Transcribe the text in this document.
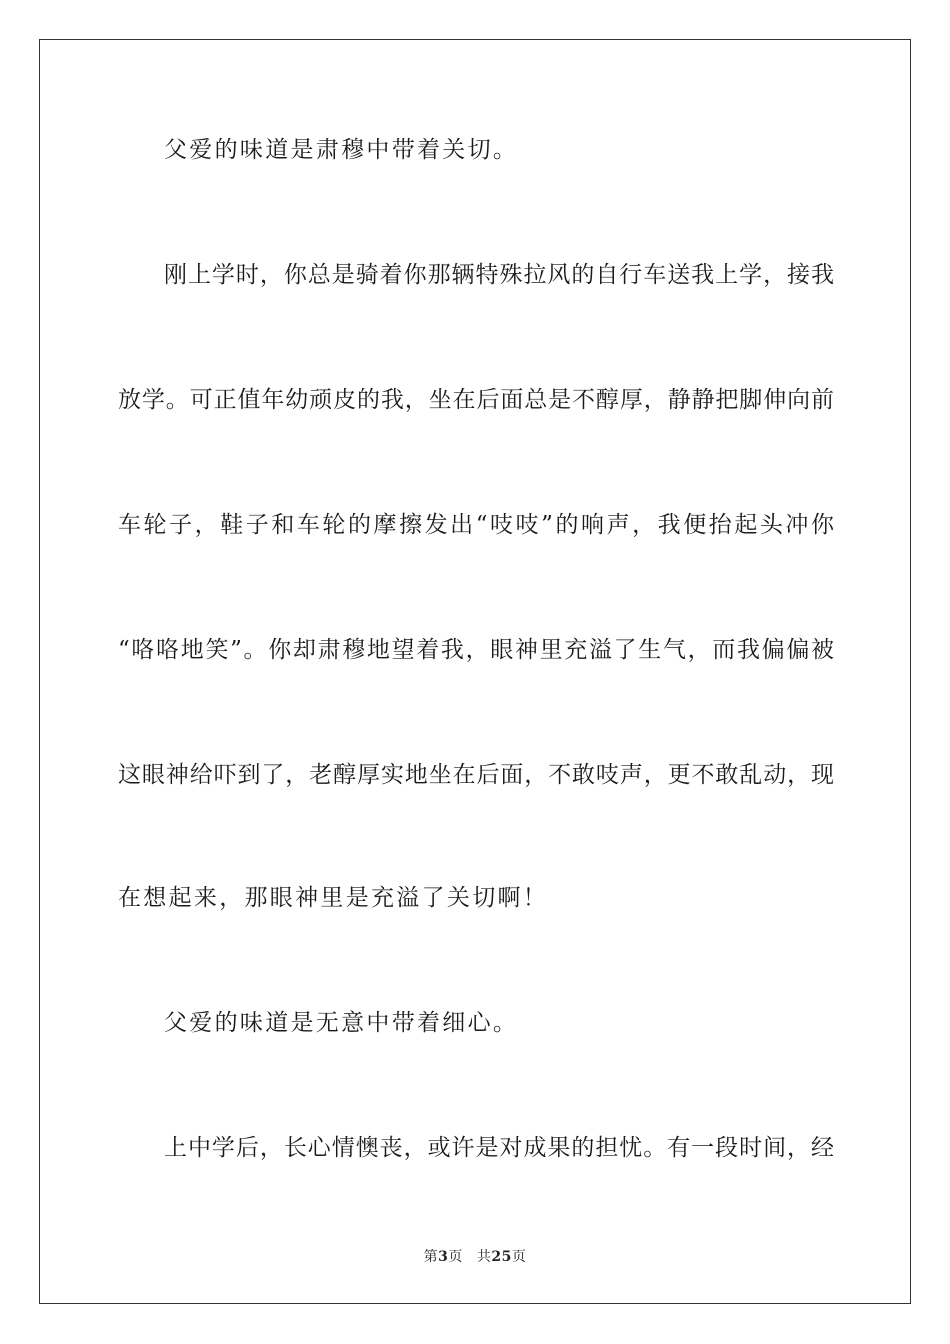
父爱的味道是肃穆中带着关切。
刚上学时，你总是骑着你那辆特殊拉风的自行车送我上学，接我
放学。可正值年幼顽皮的我，坐在后面总是不醇厚，静静把脚伸向前
车轮子，鞋子和车轮的摩擦发出“吱吱”的响声，我便抬起头冲你
“咯咯地笑”。你却肃穆地望着我，眼神里充溢了生气，而我偏偏被
这眼神给吓到了，老醇厚实地坐在后面，不敢吱声，更不敢乱动，现
在想起来，那眼神里是充溢了关切啊！
父爱的味道是无意中带着细心。
上中学后，长心情懊丧，或许是对成果的担忧。有一段时间，经
第3页 共25页
